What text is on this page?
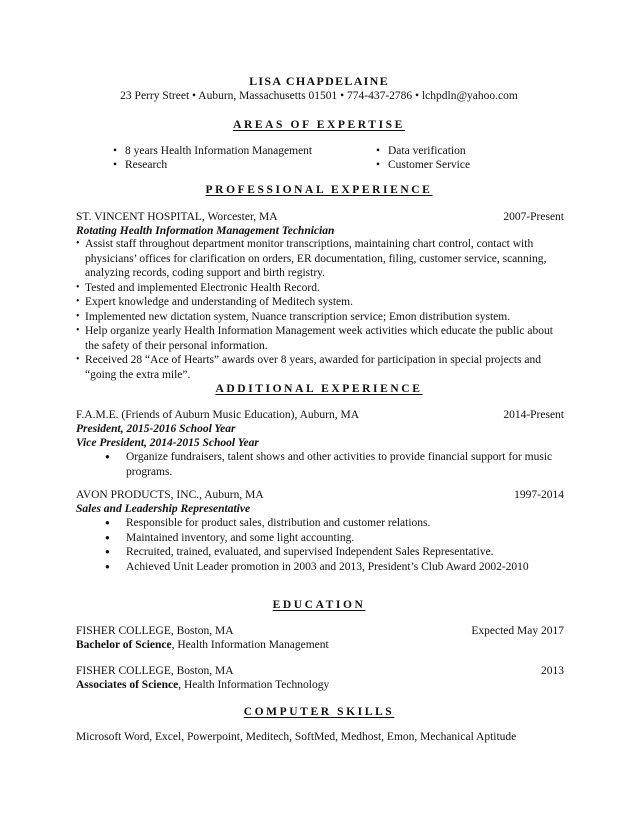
LISA CHAPDELAINE
23 Perry Street • Auburn, Massachusetts 01501 • 774-437-2786 • lchpdln@yahoo.com
AREAS OF EXPERTISE
• 8 years Health Information Management
• Research
• Data verification
• Customer Service
PROFESSIONAL EXPERIENCE
ST. VINCENT HOSPITAL, Worcester, MA	2007-Present
Rotating Health Information Management Technician
• Assist staff throughout department monitor transcriptions, maintaining chart control, contact with physicians’ offices for clarification on orders, ER documentation, filing, customer service, scanning, analyzing records, coding support and birth registry.
• Tested and implemented Electronic Health Record.
• Expert knowledge and understanding of Meditech system.
• Implemented new dictation system, Nuance transcription service; Emon distribution system.
• Help organize yearly Health Information Management week activities which educate the public about the safety of their personal information.
• Received 28 “Ace of Hearts” awards over 8 years, awarded for participation in special projects and “going the extra mile”.
ADDITIONAL EXPERIENCE
F.A.M.E. (Friends of Auburn Music Education), Auburn, MA	2014-Present
President, 2015-2016 School Year
Vice President, 2014-2015 School Year
● Organize fundraisers, talent shows and other activities to provide financial support for music programs.
AVON PRODUCTS, INC., Auburn, MA	1997-2014
Sales and Leadership Representative
● Responsible for product sales, distribution and customer relations.
● Maintained inventory, and some light accounting.
● Recruited, trained, evaluated, and supervised Independent Sales Representative.
● Achieved Unit Leader promotion in 2003 and 2013, President’s Club Award 2002-2010
EDUCATION
FISHER COLLEGE, Boston, MA	Expected May 2017
Bachelor of Science, Health Information Management
FISHER COLLEGE, Boston, MA	2013
Associates of Science, Health Information Technology
COMPUTER SKILLS
Microsoft Word, Excel, Powerpoint, Meditech, SoftMed, Medhost, Emon, Mechanical Aptitude
